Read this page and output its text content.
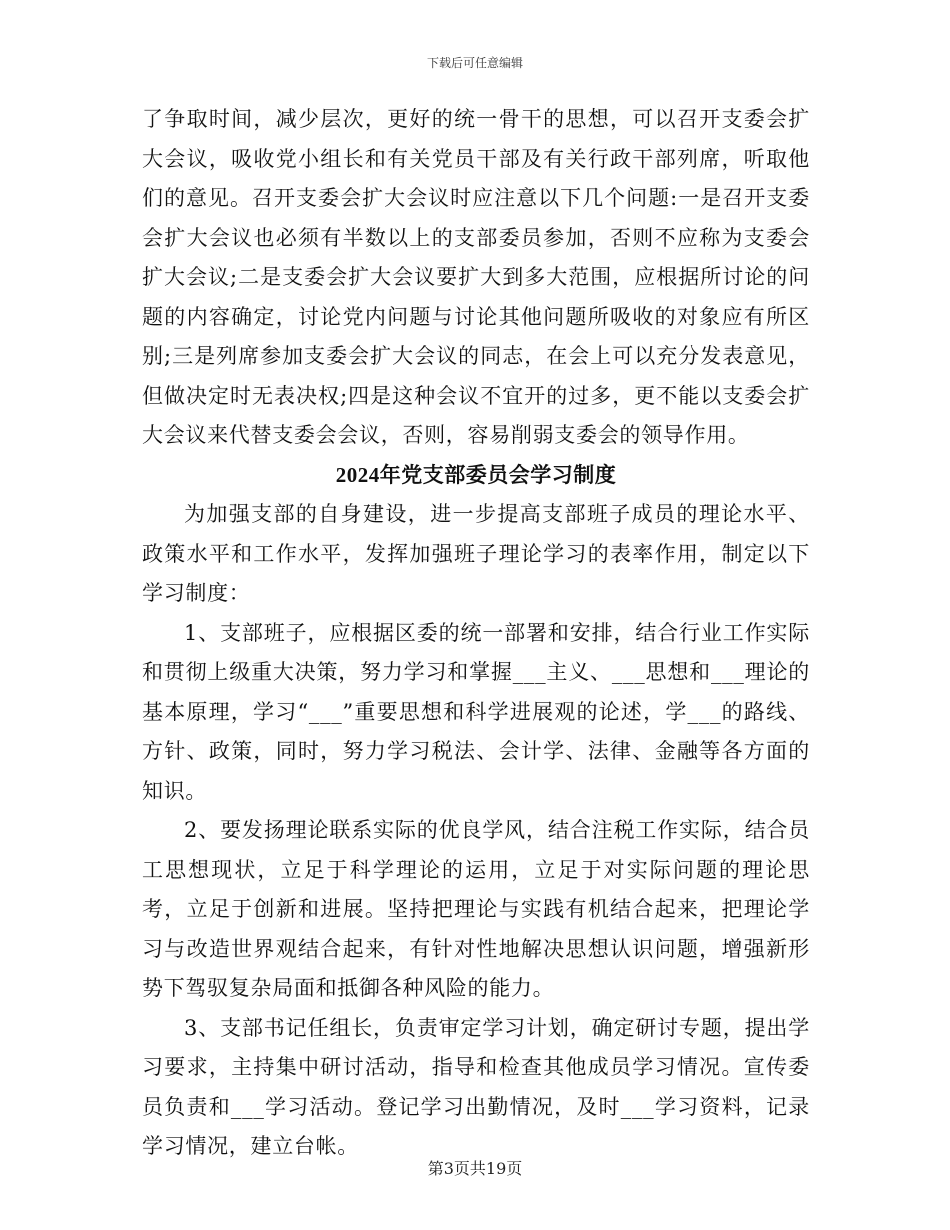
下载后可任意编辑

了争取时间，减少层次，更好的统一骨干的思想，可以召开支委会扩大会议，吸收党小组长和有关党员干部及有关行政干部列席，听取他们的意见。召开支委会扩大会议时应注意以下几个问题:一是召开支委会扩大会议也必须有半数以上的支部委员参加，否则不应称为支委会扩大会议;二是支委会扩大会议要扩大到多大范围，应根据所讨论的问题的内容确定，讨论党内问题与讨论其他问题所吸收的对象应有所区别;三是列席参加支委会扩大会议的同志，在会上可以充分发表意见，但做决定时无表决权;四是这种会议不宜开的过多，更不能以支委会扩大会议来代替支委会会议，否则，容易削弱支委会的领导作用。

2024年党支部委员会学习制度

为加强支部的自身建设，进一步提高支部班子成员的理论水平、政策水平和工作水平，发挥加强班子理论学习的表率作用，制定以下学习制度：

1、支部班子，应根据区委的统一部署和安排，结合行业工作实际和贯彻上级重大决策，努力学习和掌握___主义、___思想和___理论的基本原理，学习“___”重要思想和科学进展观的论述，学___的路线、方针、政策，同时，努力学习税法、会计学、法律、金融等各方面的知识。

2、要发扬理论联系实际的优良学风，结合注税工作实际，结合员工思想现状，立足于科学理论的运用，立足于对实际问题的理论思考，立足于创新和进展。坚持把理论与实践有机结合起来，把理论学习与改造世界观结合起来，有针对性地解决思想认识问题，增强新形势下驾驭复杂局面和抵御各种风险的能力。

3、支部书记任组长，负责审定学习计划，确定研讨专题，提出学习要求，主持集中研讨活动，指导和检查其他成员学习情况。宣传委员负责和___学习活动。登记学习出勤情况，及时___学习资料，记录学习情况，建立台帐。

第3页共19页
